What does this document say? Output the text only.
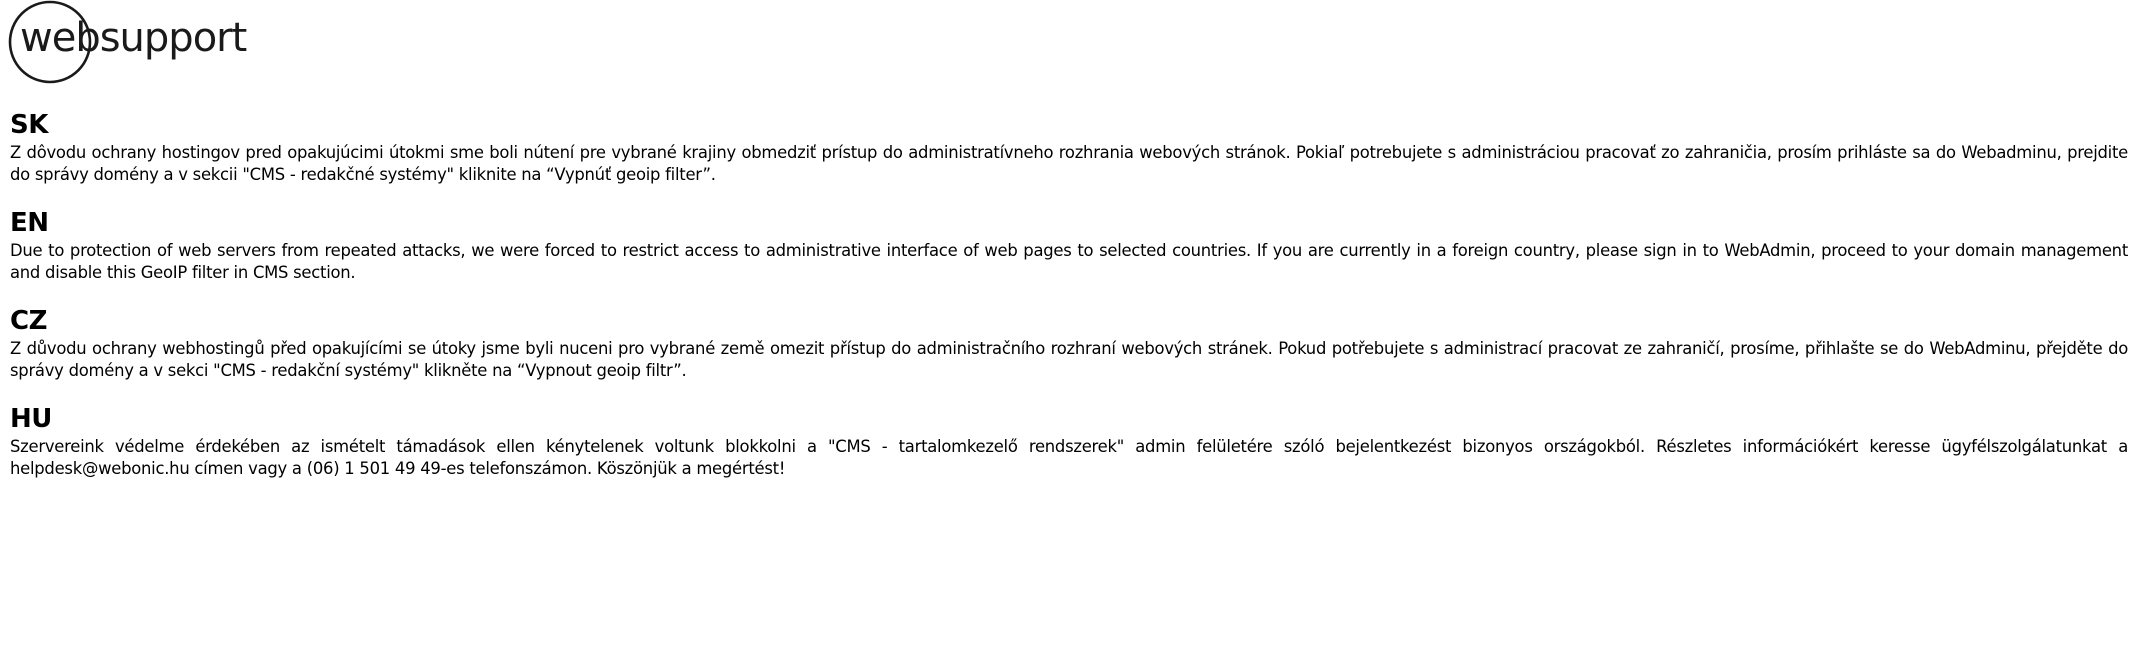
websupport
SK

Z dôvodu ochrany hostingov pred opakujúcimi útokmi sme boli nútení pre vybrané krajiny obmedziť prístup do administratívneho rozhrania webových stránok. Pokiaľ potrebujete s administráciou pracovať zo zahraničia, prosím prihláste sa do Webadminu, prejdite do správy domény a v sekcii "CMS - redakčné systémy" kliknite na “Vypnúť geoip filter”.

EN

Due to protection of web servers from repeated attacks, we were forced to restrict access to administrative interface of web pages to selected countries. If you are currently in a foreign country, please sign in to WebAdmin, proceed to your domain management and disable this GeoIP filter in CMS section.

CZ

Z důvodu ochrany webhostingů před opakujícími se útoky jsme byli nuceni pro vybrané země omezit přístup do administračního rozhraní webových stránek. Pokud potřebujete s administrací pracovat ze zahraničí, prosíme, přihlašte se do WebAdminu, přejděte do správy domény a v sekci "CMS - redakční systémy" klikněte na “Vypnout geoip filtr”.

HU

Szervereink védelme érdekében az ismételt támadások ellen kénytelenek voltunk blokkolni a "CMS - tartalomkezelő rendszerek" admin felületére szóló bejelentkezést bizonyos országokból. Részletes információkért keresse ügyfélszolgálatunkat a helpdesk@webonic.hu címen vagy a (06) 1 501 49 49-es telefonszámon. Köszönjük a megértést!
